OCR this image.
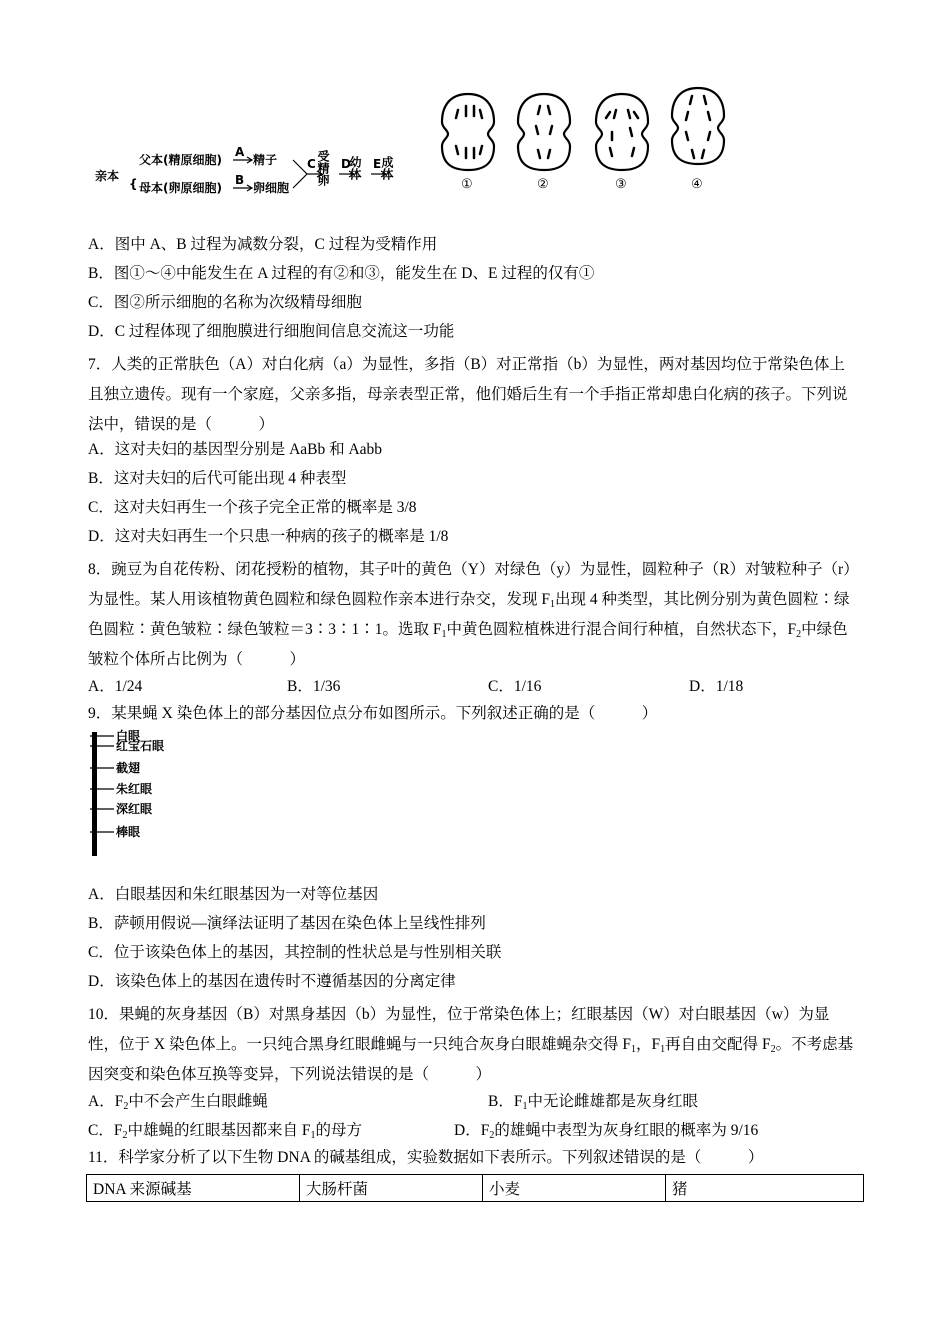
亲本
{
父本(精原细胞)
母本(卵原细胞)
A
B
精子
卵细胞
C 受精卵 D
幼体 E
成体
①	②	③	④
A．图中 A、B 过程为减数分裂，C 过程为受精作用
B．图①～④中能发生在 A 过程的有②和③，能发生在 D、E 过程的仅有①
C．图②所示细胞的名称为次级精母细胞
D．C 过程体现了细胞膜进行细胞间信息交流这一功能
7．人类的正常肤色（A）对白化病（a）为显性，多指（B）对正常指（b）为显性，两对基因均位于常染色体上且独立遗传。现有一个家庭，父亲多指，母亲表型正常，他们婚后生有一个手指正常却患白化病的孩子。下列说法中，错误的是（　　　）
A．这对夫妇的基因型分别是 AaBb 和 Aabb
B．这对夫妇的后代可能出现 4 种表型
C．这对夫妇再生一个孩子完全正常的概率是 3/8
D．这对夫妇再生一个只患一种病的孩子的概率是 1/8
8．豌豆为自花传粉、闭花授粉的植物，其子叶的黄色（Y）对绿色（y）为显性，圆粒种子（R）对皱粒种子（r）为显性。某人用该植物黄色圆粒和绿色圆粒作亲本进行杂交，发现 $F_1$出现 4 种类型，其比例分别为黄色圆粒∶绿色圆粒∶黄色皱粒∶绿色皱粒＝3∶3∶1∶1。选取 $F_1$中黄色圆粒植株进行混合间行种植，自然状态下，$F_2$中绿色皱粒个体所占比例为（　　　）
A．1/24	B．1/36	C．1/16	D．1/18
9．某果蝇 X 染色体上的部分基因位点分布如图所示。下列叙述正确的是（　　　）
白眼
红宝石眼
截翅
朱红眼
深红眼
棒眼
A．白眼基因和朱红眼基因为一对等位基因
B．萨顿用假说—演绎法证明了基因在染色体上呈线性排列
C．位于该染色体上的基因，其控制的性状总是与性别相关联
D．该染色体上的基因在遗传时不遵循基因的分离定律
10．果蝇的灰身基因（B）对黑身基因（b）为显性，位于常染色体上；红眼基因（W）对白眼基因（w）为显性，位于 X 染色体上。一只纯合黑身红眼雌蝇与一只纯合灰身白眼雄蝇杂交得 $F_1$，$F_1$再自由交配得 $F_2$。不考虑基因突变和染色体互换等变异，下列说法错误的是（　　　）
A．$F_2$中不会产生白眼雌蝇	B．$F_1$中无论雌雄都是灰身红眼
C．$F_2$中雄蝇的红眼基因都来自 $F_1$的母方	D．$F_2$的雄蝇中表型为灰身红眼的概率为 9/16
11．科学家分析了以下生物 DNA 的碱基组成，实验数据如下表所示。下列叙述错误的是（　　　）
DNA 来源碱基	大肠杆菌	小麦	猪
